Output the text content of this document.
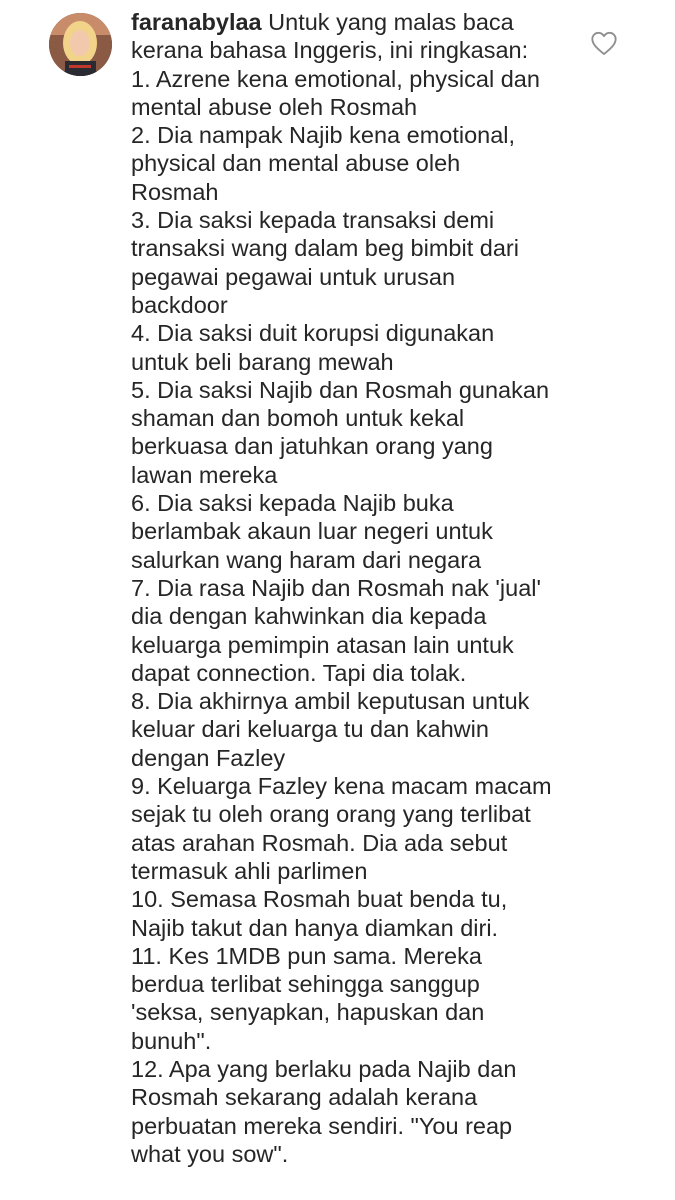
faranabylaa Untuk yang malas baca
kerana bahasa Inggeris, ini ringkasan:
1. Azrene kena emotional, physical dan
mental abuse oleh Rosmah
2. Dia nampak Najib kena emotional,
physical dan mental abuse oleh
Rosmah
3. Dia saksi kepada transaksi demi
transaksi wang dalam beg bimbit dari
pegawai pegawai untuk urusan
backdoor
4. Dia saksi duit korupsi digunakan
untuk beli barang mewah
5. Dia saksi Najib dan Rosmah gunakan
shaman dan bomoh untuk kekal
berkuasa dan jatuhkan orang yang
lawan mereka
6. Dia saksi kepada Najib buka
berlambak akaun luar negeri untuk
salurkan wang haram dari negara
7. Dia rasa Najib dan Rosmah nak 'jual'
dia dengan kahwinkan dia kepada
keluarga pemimpin atasan lain untuk
dapat connection. Tapi dia tolak.
8. Dia akhirnya ambil keputusan untuk
keluar dari keluarga tu dan kahwin
dengan Fazley
9. Keluarga Fazley kena macam macam
sejak tu oleh orang orang yang terlibat
atas arahan Rosmah. Dia ada sebut
termasuk ahli parlimen
10. Semasa Rosmah buat benda tu,
Najib takut dan hanya diamkan diri.
11. Kes 1MDB pun sama. Mereka
berdua terlibat sehingga sanggup
'seksa, senyapkan, hapuskan dan
bunuh".
12. Apa yang berlaku pada Najib dan
Rosmah sekarang adalah kerana
perbuatan mereka sendiri. "You reap
what you sow".
